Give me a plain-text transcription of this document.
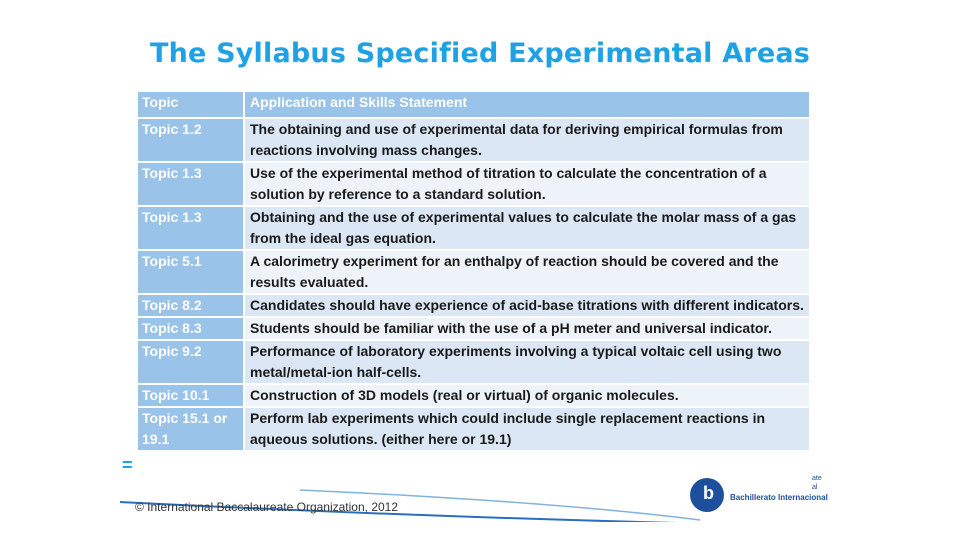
The Syllabus Specified Experimental Areas
Topic	Application and Skills Statement
Topic 1.2	The obtaining and use of experimental data for deriving empirical formulas from reactions involving mass changes.
Topic 1.3	Use of the experimental method of titration to calculate the concentration of a solution by reference to a standard solution.
Topic 1.3	Obtaining and the use of experimental values to calculate the molar mass of a gas from the ideal gas equation.
Topic 5.1	A calorimetry experiment for an enthalpy of reaction should be covered and the results evaluated.
Topic 8.2	Candidates should have experience of acid-base titrations with different indicators.
Topic 8.3	Students should be familiar with the use of a pH meter and universal indicator.
Topic 9.2	Performance of laboratory experiments involving a typical voltaic cell using two metal/metal-ion half-cells.
Topic 10.1	Construction of 3D models (real or virtual) of organic molecules.
Topic 15.1 or 19.1	Perform lab experiments which could include single replacement reactions in aqueous solutions. (either here or 19.1)
=
b
ate
al
Bachillerato Internacional
© International Baccalaureate Organization, 2012
